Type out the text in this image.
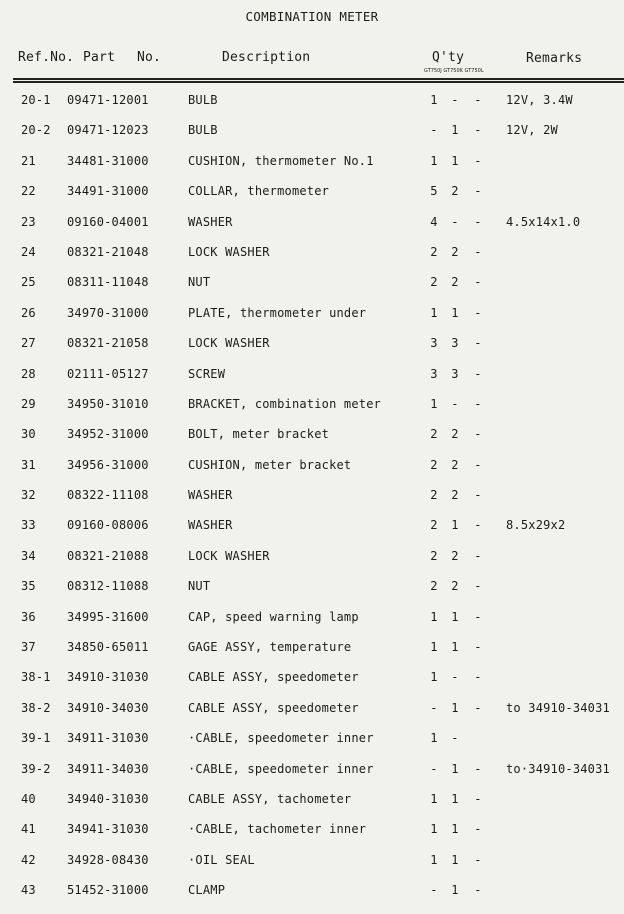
COMBINATION METER
Ref.No. Part No.	Description	Q'ty
GT750J GT750K GT750L
Remarks
20-1 09471-12001	BULB	1 - - 12V, 3.4W
20-2 09471-12023	BULB	- 1 - 12V, 2W
21	34481-31000	CUSHION, thermometer No.1	1 1 -
22	34491-31000	COLLAR, thermometer	5 2 -
23	09160-04001	WASHER	4 - - 4.5x14x1.0
24	08321-21048	LOCK WASHER	2 2 -
25	08311-11048	NUT	2 2 -
26	34970-31000	PLATE, thermometer under	1 1 -
27	08321-21058	LOCK WASHER	3 3 -
28	02111-05127	SCREW	3 3 -
29	34950-31010	BRACKET, combination meter	1 - -
30	34952-31000	BOLT, meter bracket	2 2 -
31	34956-31000	CUSHION, meter bracket	2 2 -
32	08322-11108	WASHER	2 2 -
33	09160-08006	WASHER	2 1 - 8.5x29x2
34	08321-21088	LOCK WASHER	2 2 -
35	08312-11088	NUT	2 2 -
36	34995-31600	CAP, speed warning lamp	1 1 -
37	34850-65011	GAGE ASSY, temperature	1 1 -
38-1 34910-31030	CABLE ASSY, speedometer	1 - -
38-2 34910-34030	CABLE ASSY, speedometer	- 1 - to 34910-34031
39-1 34911-31030	·CABLE, speedometer inner	1 -
39-2 34911-34030	·CABLE, speedometer inner	- 1 - to·34910-34031
40	34940-31030	CABLE ASSY, tachometer	1 1 -
41	34941-31030	·CABLE, tachometer inner	1 1 -
42	34928-08430	·OIL SEAL	1 1 -
43	51452-31000	CLAMP	- 1 -
